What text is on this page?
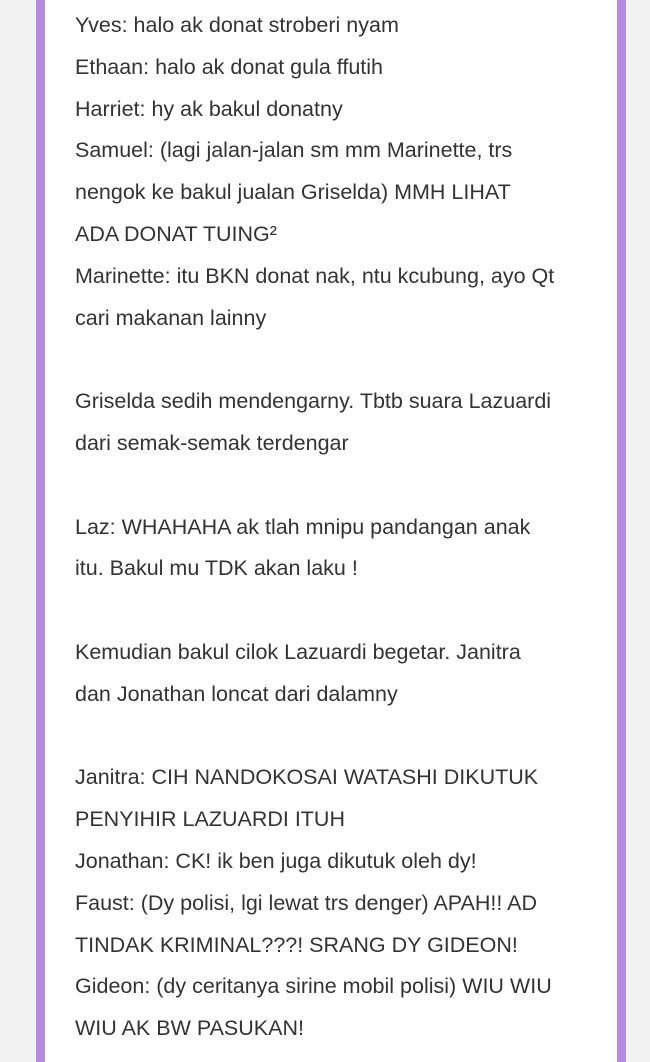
Yves: halo ak donat stroberi nyam
Ethaan: halo ak donat gula ffutih
Harriet: hy ak bakul donatny
Samuel: (lagi jalan-jalan sm mm Marinette, trs
nengok ke bakul jualan Griselda) MMH LIHAT
ADA DONAT TUING²
Marinette: itu BKN donat nak, ntu kcubung, ayo Qt
cari makanan lainny
Griselda sedih mendengarny. Tbtb suara Lazuardi
dari semak-semak terdengar
Laz: WHAHAHA ak tlah mnipu pandangan anak
itu. Bakul mu TDK akan laku !
Kemudian bakul cilok Lazuardi begetar. Janitra
dan Jonathan loncat dari dalamny
Janitra: CIH NANDOKOSAI WATASHI DIKUTUK
PENYIHIR LAZUARDI ITUH
Jonathan: CK! ik ben juga dikutuk oleh dy!
Faust: (Dy polisi, lgi lewat trs denger) APAH!! AD
TINDAK KRIMINAL???! SRANG DY GIDEON!
Gideon: (dy ceritanya sirine mobil polisi) WIU WIU
WIU AK BW PASUKAN!
